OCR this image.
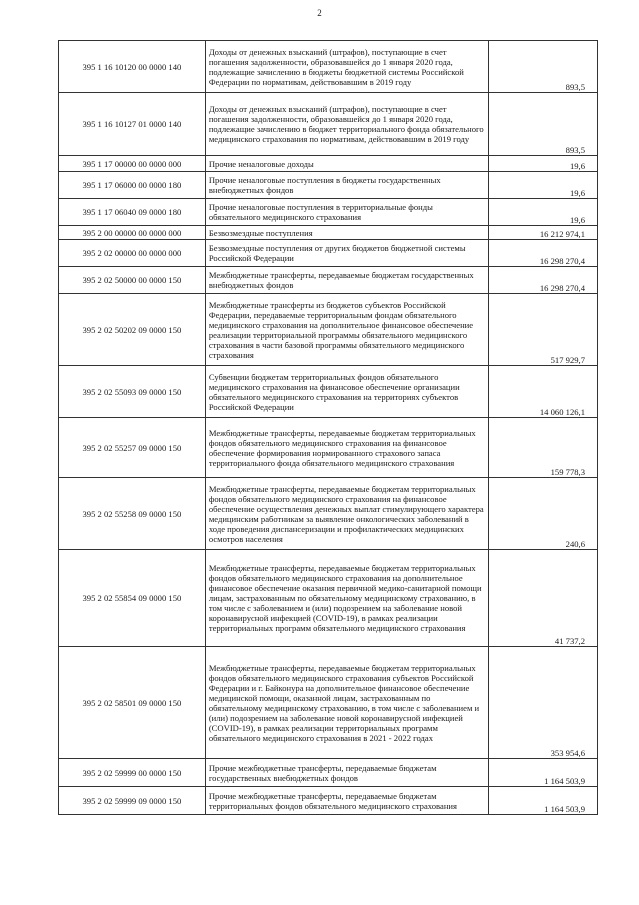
2
395 1 16 10120 00 0000 140	Доходы от денежных взысканий (штрафов), поступающие в счет погашения задолженности, образовавшейся до 1 января 2020 года, подлежащие зачислению в бюджеты бюджетной системы Российской Федерации по нормативам, действовавшим в 2019 году	893,5
395 1 16 10127 01 0000 140	Доходы от денежных взысканий (штрафов), поступающие в счет погашения задолженности, образовавшейся до 1 января 2020 года, подлежащие зачислению в бюджет территориального фонда обязательного медицинского страхования по нормативам, действовавшим в 2019 году	893,5
395 1 17 00000 00 0000 000	Прочие неналоговые доходы	19,6
395 1 17 06000 00 0000 180	Прочие неналоговые поступления в бюджеты государственных внебюджетных фондов	19,6
395 1 17 06040 09 0000 180	Прочие неналоговые поступления в территориальные фонды обязательного медицинского страхования	19,6
395 2 00 00000 00 0000 000	Безвозмездные поступления	16 212 974,1
395 2 02 00000 00 0000 000	Безвозмездные поступления от других бюджетов бюджетной системы Российской Федерации	16 298 270,4
395 2 02 50000 00 0000 150	Межбюджетные трансферты, передаваемые бюджетам государственных внебюджетных фондов	16 298 270,4
395 2 02 50202 09 0000 150	Межбюджетные трансферты из бюджетов субъектов Российской Федерации, передаваемые территориальным фондам обязательного медицинского страхования на дополнительное финансовое обеспечение реализации территориальной программы обязательного медицинского страхования в части базовой программы обязательного медицинского страхования	517 929,7
395 2 02 55093 09 0000 150	Субвенции бюджетам территориальных фондов обязательного медицинского страхования на финансовое обеспечение организации обязательного медицинского страхования на территориях субъектов Российской Федерации	14 060 126,1
395 2 02 55257 09 0000 150	Межбюджетные трансферты, передаваемые бюджетам территориальных фондов обязательного медицинского страхования на финансовое обеспечение формирования нормированного страхового запаса территориального фонда обязательного медицинского страхования	159 778,3
395 2 02 55258 09 0000 150	Межбюджетные трансферты, передаваемые бюджетам территориальных фондов обязательного медицинского страхования на финансовое обеспечение осуществления денежных выплат стимулирующего характера медицинским работникам за выявление онкологических заболеваний в ходе проведения диспансеризации и профилактических медицинских осмотров населения	240,6
395 2 02 55854 09 0000 150	Межбюджетные трансферты, передаваемые бюджетам территориальных фондов обязательного медицинского страхования на дополнительное финансовое обеспечение оказания первичной медико-санитарной помощи лицам, застрахованным по обязательному медицинскому страхованию, в том числе с заболеванием и (или) подозрением на заболевание новой коронавирусной инфекцией (COVID-19), в рамках реализации территориальных программ обязательного медицинского страхования	41 737,2
395 2 02 58501 09 0000 150	Межбюджетные трансферты, передаваемые бюджетам территориальных фондов обязательного медицинского страхования субъектов Российской Федерации и г. Байконура на дополнительное финансовое обеспечение медицинской помощи, оказанной лицам, застрахованным по обязательному медицинскому страхованию, в том числе с заболеванием и (или) подозрением на заболевание новой коронавирусной инфекцией (COVID-19), в рамках реализации территориальных программ обязательного медицинского страхования в 2021 - 2022 годах	353 954,6
395 2 02 59999 00 0000 150	Прочие межбюджетные трансферты, передаваемые бюджетам государственных внебюджетных фондов	1 164 503,9
395 2 02 59999 09 0000 150	Прочие межбюджетные трансферты, передаваемые бюджетам территориальных фондов обязательного медицинского страхования	1 164 503,9
